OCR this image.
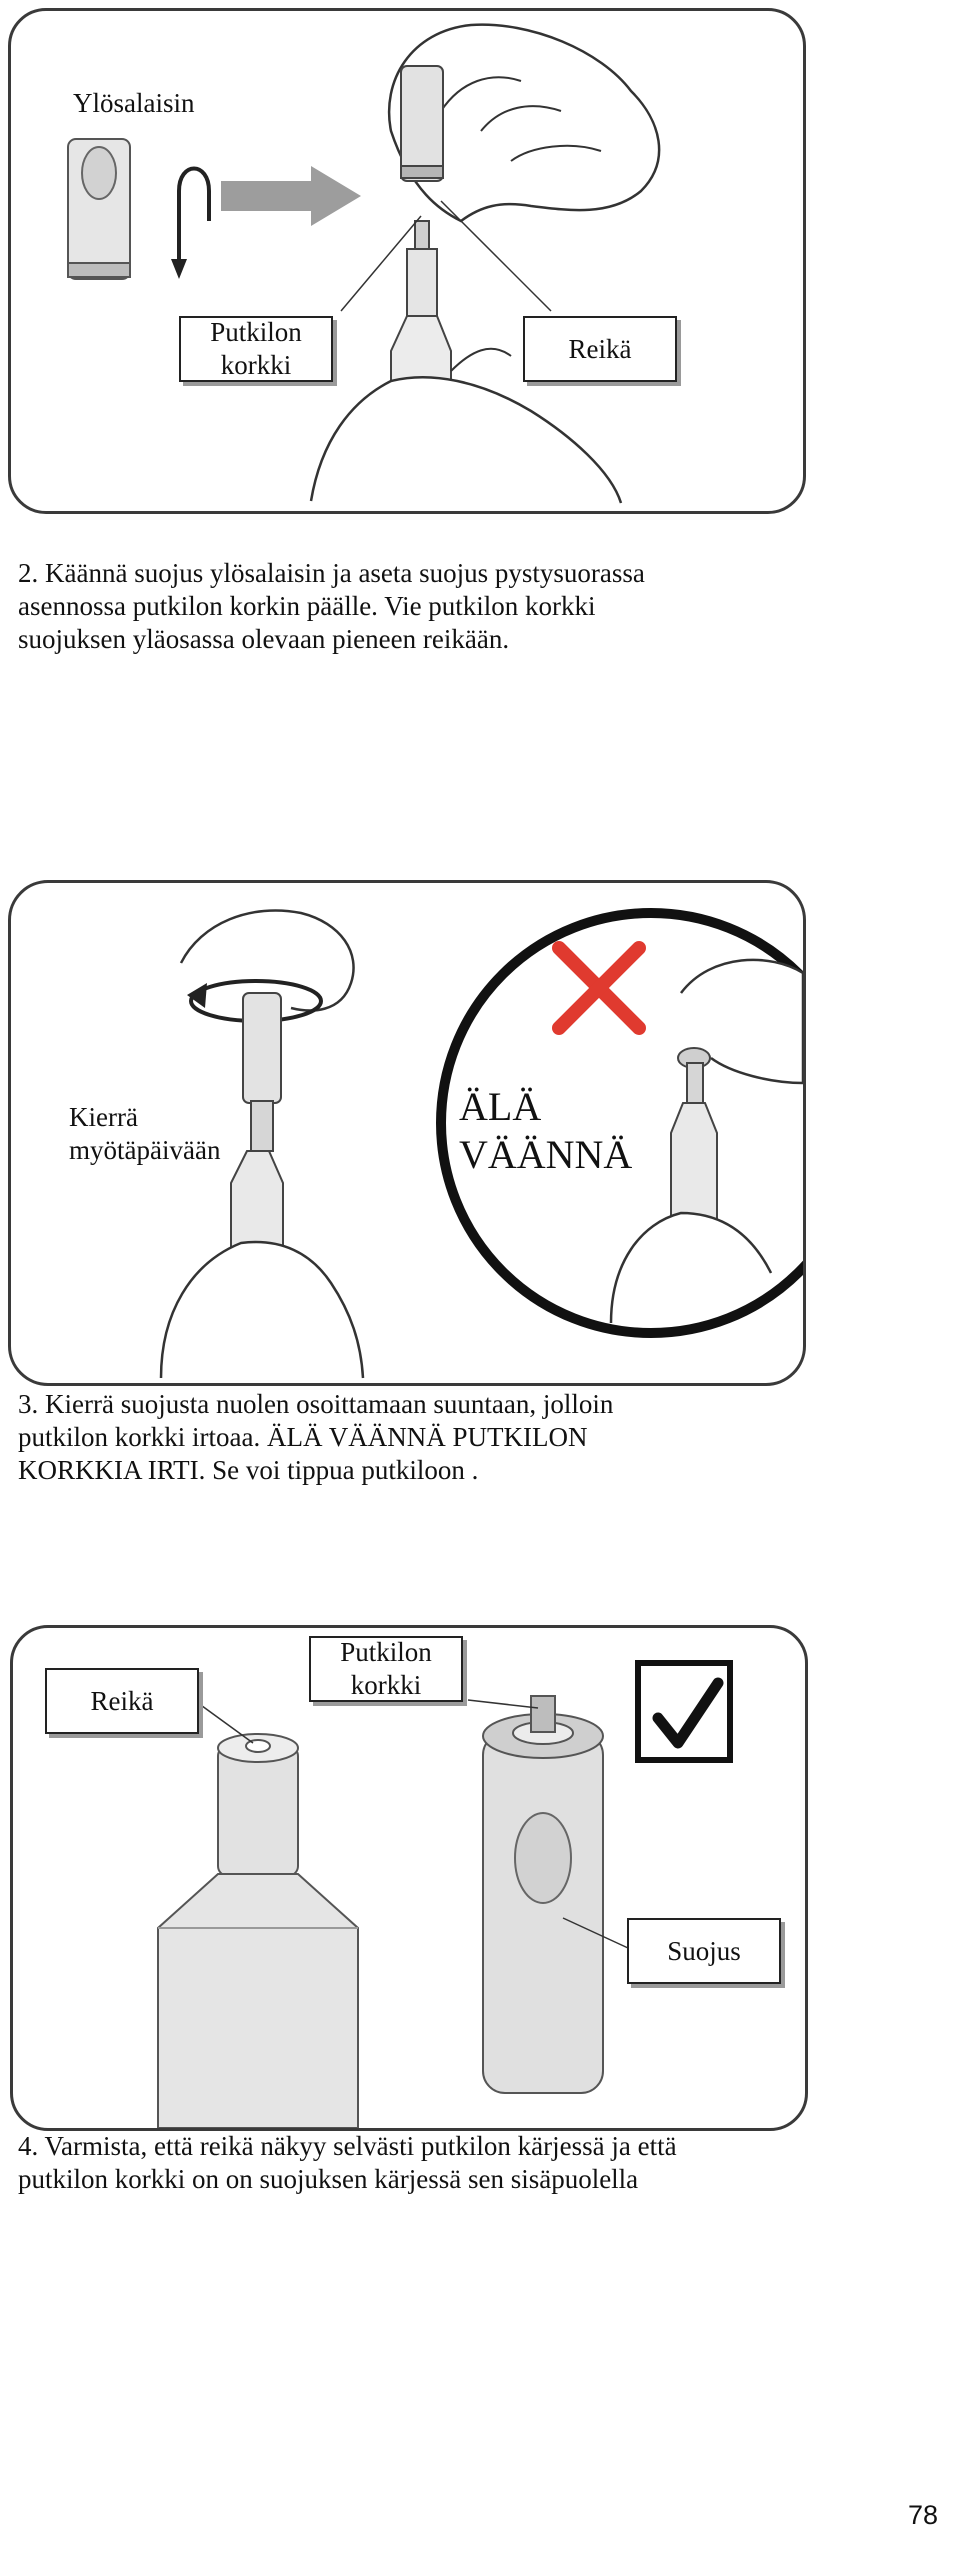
Ylösalaisin
Putkilon
korkki
Reikä
2. Käännä suojus ylösalaisin ja aseta suojus pystysuorassa
asennossa putkilon korkin päälle. Vie putkilon korkki
suojuksen yläosassa olevaan pieneen reikään.
Kierrä
myötäpäivään
ÄLÄ
VÄÄNNÄ
3. Kierrä suojusta nuolen osoittamaan suuntaan, jolloin
putkilon korkki irtoaa. ÄLÄ VÄÄNNÄ PUTKILON
KORKKIA IRTI. Se voi tippua putkiloon .
Reikä
Putkilon
korkki
Suojus
4. Varmista, että reikä näkyy selvästi putkilon kärjessä ja että
putkilon korkki on on suojuksen kärjessä sen sisäpuolella
78
